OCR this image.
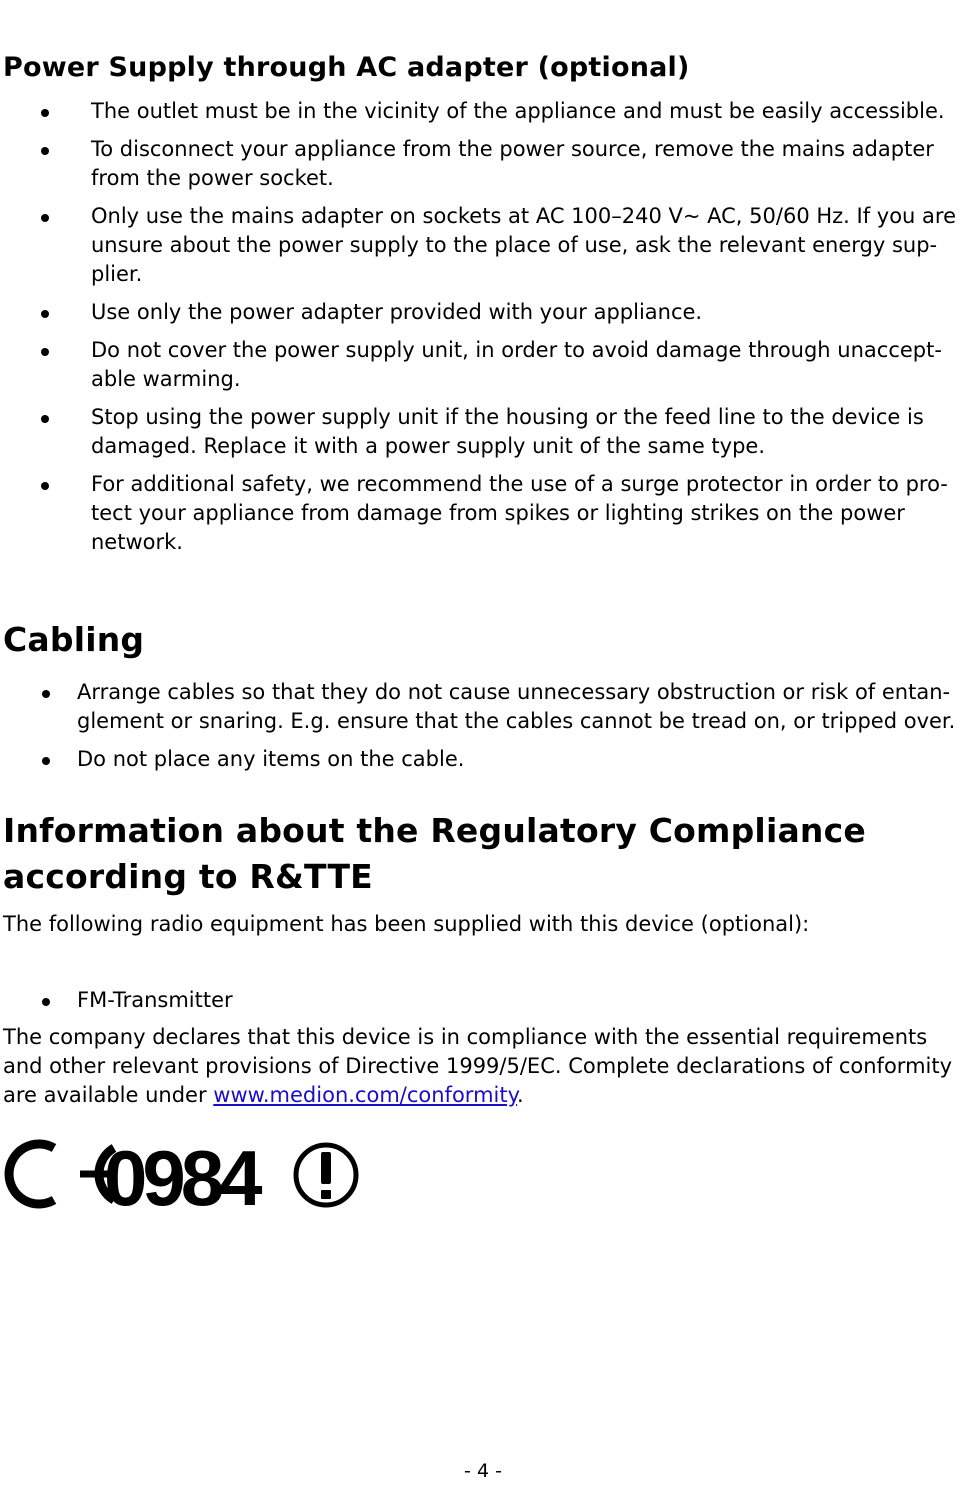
Power Supply through AC adapter (optional)
The outlet must be in the vicinity of the appliance and must be easily accessible.
To disconnect your appliance from the power source, remove the mains adapter from the power socket.
Only use the mains adapter on sockets at AC 100–240 V~ AC, 50/60 Hz. If you are unsure about the power supply to the place of use, ask the relevant energy sup-plier.
Use only the power adapter provided with your appliance.
Do not cover the power supply unit, in order to avoid damage through unaccept-able warming.
Stop using the power supply unit if the housing or the feed line to the device is damaged. Replace it with a power supply unit of the same type.
For additional safety, we recommend the use of a surge protector in order to pro-tect your appliance from damage from spikes or lighting strikes on the power network.
Cabling
Arrange cables so that they do not cause unnecessary obstruction or risk of entan-glement or snaring. E.g. ensure that the cables cannot be tread on, or tripped over.
Do not place any items on the cable.
Information about the Regulatory Compliance according to R&TTE

The following radio equipment has been supplied with this device (optional):

FM-Transmitter

The company declares that this device is in compliance with the essential requirements and other relevant provisions of Directive 1999/5/EC. Complete declarations of conformity are available under www.medion.com/conformity.

0984
- 4 -
